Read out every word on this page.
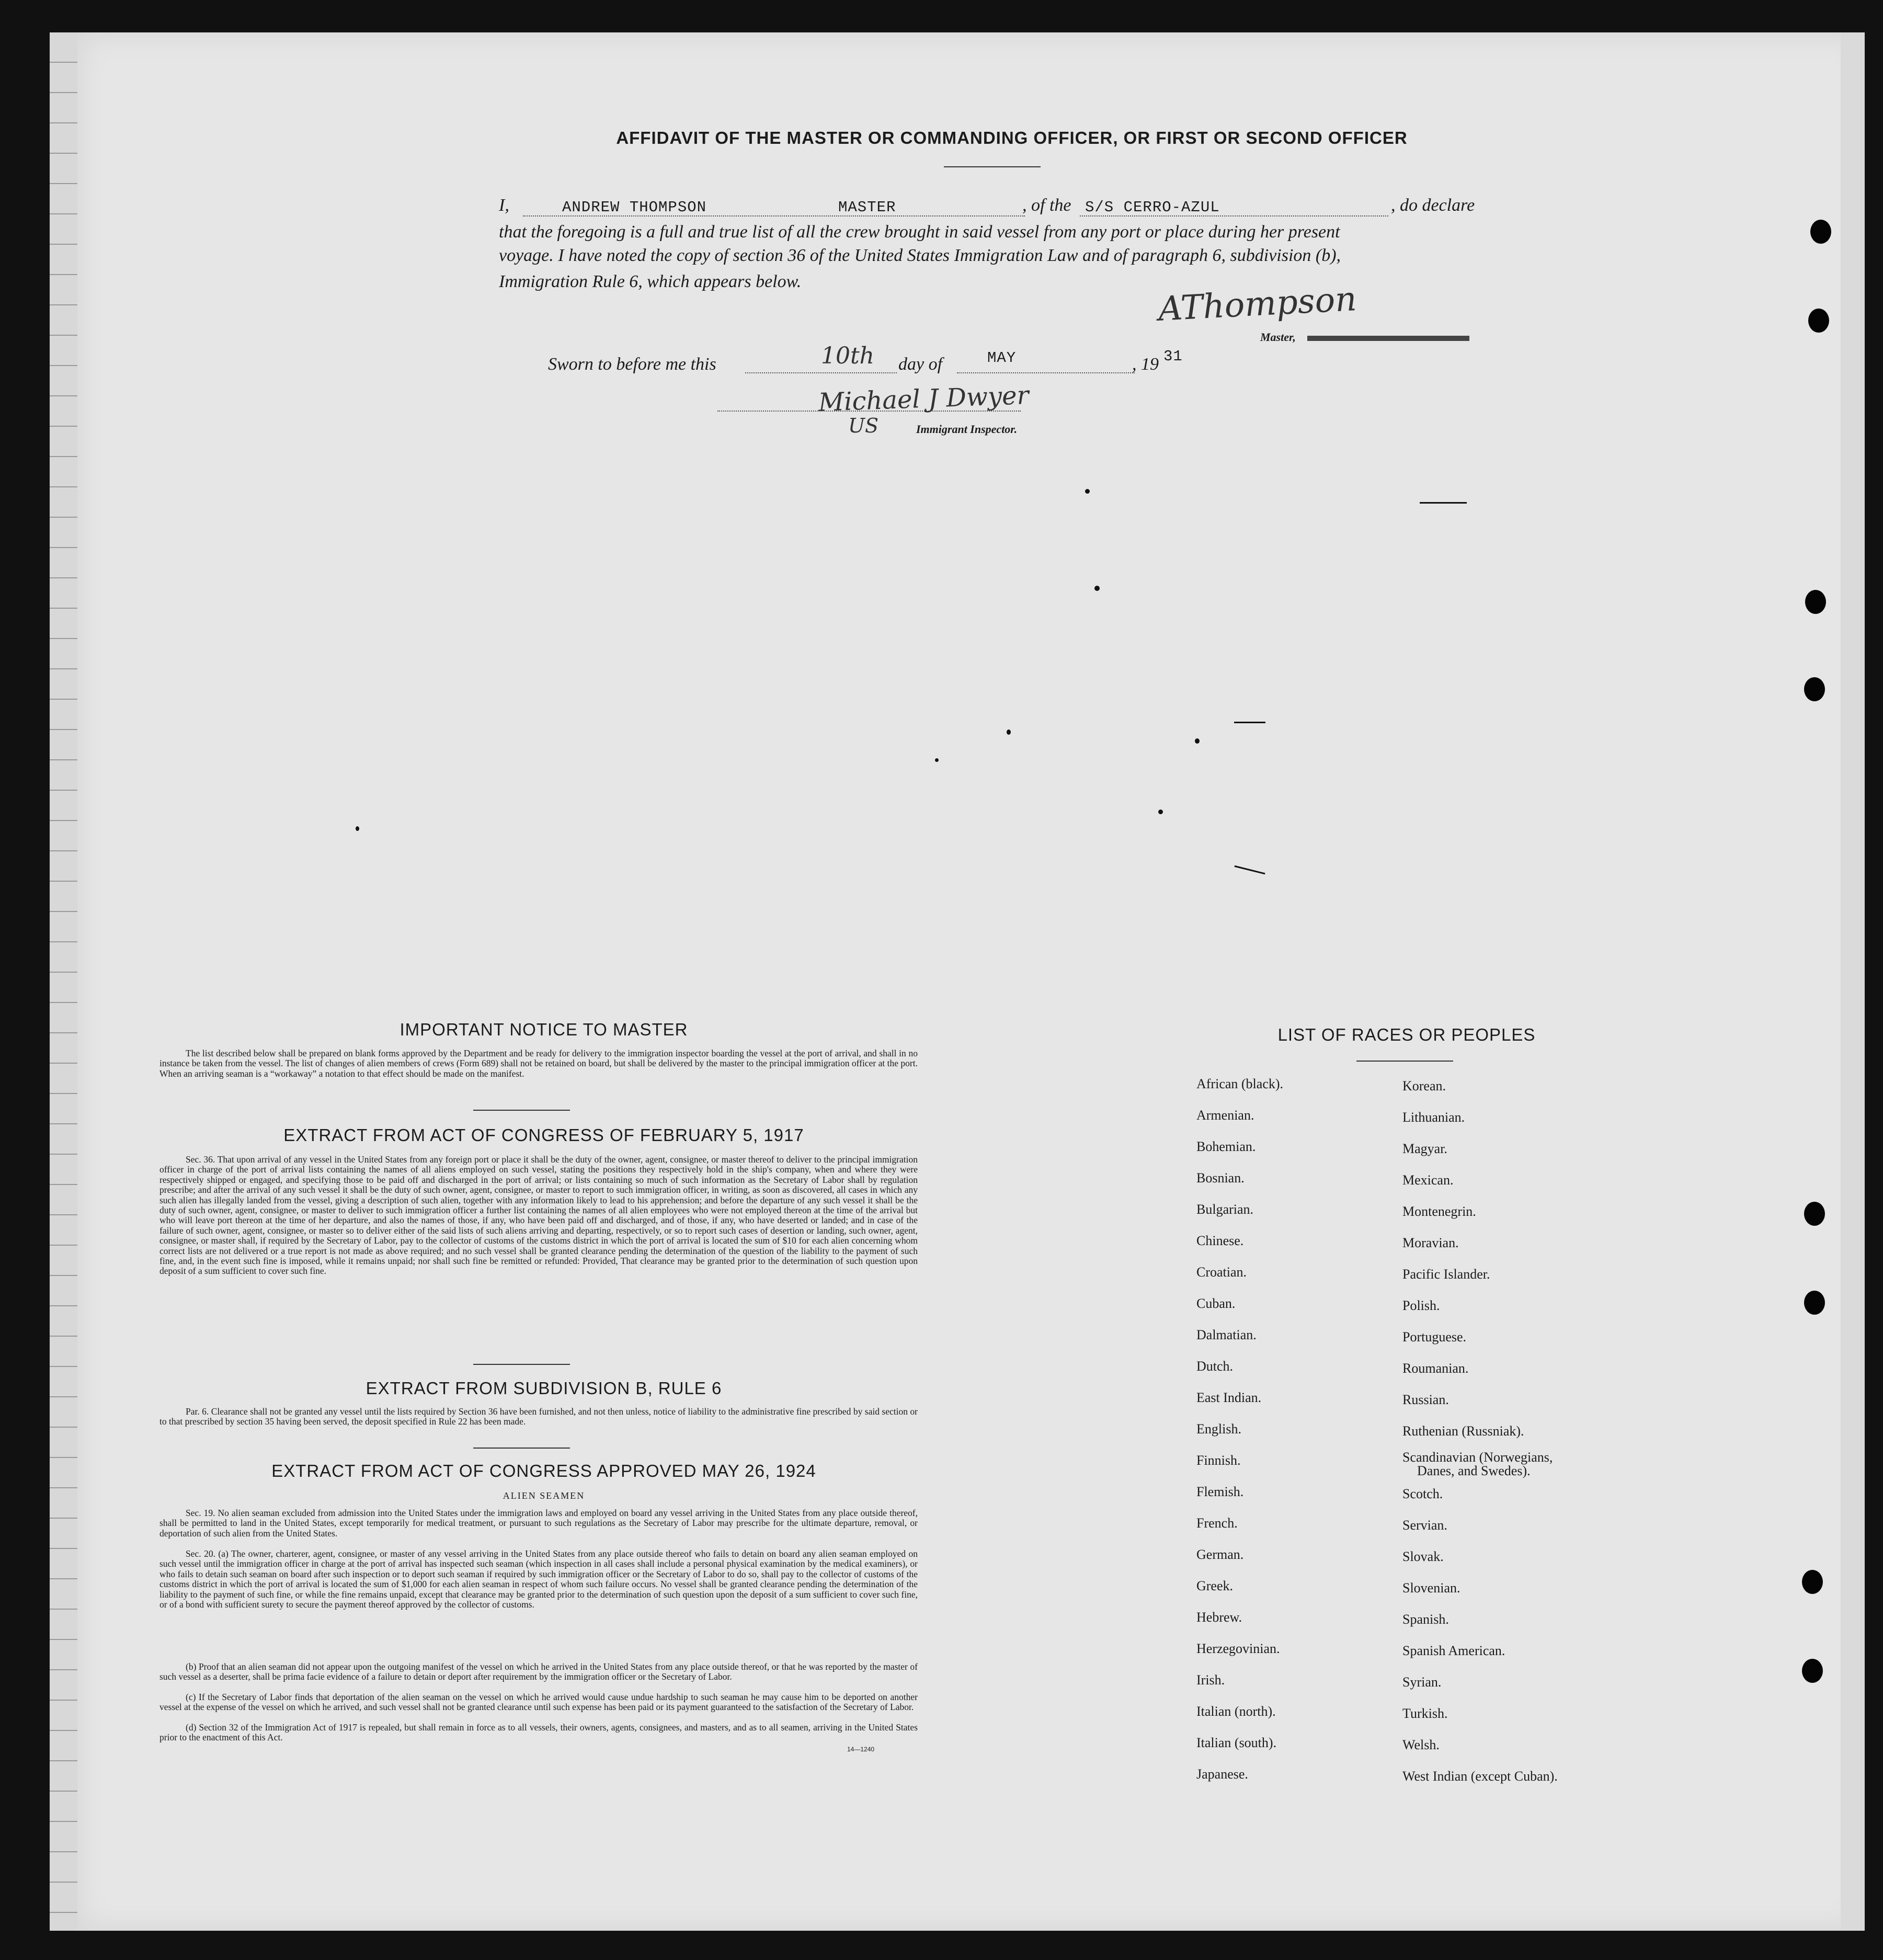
AFFIDAVIT OF THE MASTER OR COMMANDING OFFICER, OR FIRST OR SECOND OFFICER
I,	ANDREW THOMPSON	MASTER	, of the S/S CERRO-AZUL	, do declare
that the foregoing is a full and true list of all the crew brought in said vessel from any port or place during her present
voyage. I have noted the copy of section 36 of the United States Immigration Law and of paragraph 6, subdivision (b),
Immigration Rule 6, which appears below.	AThompson
Master,
Sworn to before me this	10th day of	MAY	, 19 31
Michael J Dwyer
US	Immigrant Inspector.
IMPORTANT NOTICE TO MASTER
The list described below shall be prepared on blank forms approved by the Department and be ready for delivery to the immigration inspector boarding the vessel at the port of arrival, and shall in no instance be taken from the vessel. The list of changes of alien members of crews (Form 689) shall not be retained on board, but shall be delivered by the master to the principal immigration officer at the port. When an arriving seaman is a “workaway” a notation to that effect should be made on the manifest.
EXTRACT FROM ACT OF CONGRESS OF FEBRUARY 5, 1917
Sec. 36. That upon arrival of any vessel in the United States from any foreign port or place it shall be the duty of the owner, agent, consignee, or master thereof to deliver to the principal immigration officer in charge of the port of arrival lists containing the names of all aliens employed on such vessel, stating the positions they respectively hold in the ship's company, when and where they were respectively shipped or engaged, and specifying those to be paid off and discharged in the port of arrival; or lists containing so much of such information as the Secretary of Labor shall by regulation prescribe; and after the arrival of any such vessel it shall be the duty of such owner, agent, consignee, or master to report to such immigration officer, in writing, as soon as discovered, all cases in which any such alien has illegally landed from the vessel, giving a description of such alien, together with any information likely to lead to his apprehension; and before the departure of any such vessel it shall be the duty of such owner, agent, consignee, or master to deliver to such immigration officer a further list containing the names of all alien employees who were not employed thereon at the time of the arrival but who will leave port thereon at the time of her departure, and also the names of those, if any, who have been paid off and discharged, and of those, if any, who have deserted or landed; and in case of the failure of such owner, agent, consignee, or master so to deliver either of the said lists of such aliens arriving and departing, respectively, or so to report such cases of desertion or landing, such owner, agent, consignee, or master shall, if required by the Secretary of Labor, pay to the collector of customs of the customs district in which the port of arrival is located the sum of $10 for each alien concerning whom correct lists are not delivered or a true report is not made as above required; and no such vessel shall be granted clearance pending the determination of the question of the liability to the payment of such fine, and, in the event such fine is imposed, while it remains unpaid; nor shall such fine be remitted or refunded: Provided, That clearance may be granted prior to the determination of such question upon deposit of a sum sufficient to cover such fine.
EXTRACT FROM SUBDIVISION B, RULE 6
Par. 6. Clearance shall not be granted any vessel until the lists required by Section 36 have been furnished, and not then unless, notice of liability to the administrative fine prescribed by said section or to that prescribed by section 35 having been served, the deposit specified in Rule 22 has been made.
EXTRACT FROM ACT OF CONGRESS APPROVED MAY 26, 1924
ALIEN SEAMEN
Sec. 19. No alien seaman excluded from admission into the United States under the immigration laws and employed on board any vessel arriving in the United States from any place outside thereof, shall be permitted to land in the United States, except temporarily for medical treatment, or pursuant to such regulations as the Secretary of Labor may prescribe for the ultimate departure, removal, or deportation of such alien from the United States.
Sec. 20. (a) The owner, charterer, agent, consignee, or master of any vessel arriving in the United States from any place outside thereof who fails to detain on board any alien seaman employed on such vessel until the immigration officer in charge at the port of arrival has inspected such seaman (which inspection in all cases shall include a personal physical examination by the medical examiners), or who fails to detain such seaman on board after such inspection or to deport such seaman if required by such immigration officer or the Secretary of Labor to do so, shall pay to the collector of customs of the customs district in which the port of arrival is located the sum of $1,000 for each alien seaman in respect of whom such failure occurs. No vessel shall be granted clearance pending the determination of the liability to the payment of such fine, or while the fine remains unpaid, except that clearance may be granted prior to the determination of such question upon the deposit of a sum sufficient to cover such fine, or of a bond with sufficient surety to secure the payment thereof approved by the collector of customs.
(b) Proof that an alien seaman did not appear upon the outgoing manifest of the vessel on which he arrived in the United States from any place outside thereof, or that he was reported by the master of such vessel as a deserter, shall be prima facie evidence of a failure to detain or deport after requirement by the immigration officer or the Secretary of Labor.
(c) If the Secretary of Labor finds that deportation of the alien seaman on the vessel on which he arrived would cause undue hardship to such seaman he may cause him to be deported on another vessel at the expense of the vessel on which he arrived, and such vessel shall not be granted clearance until such expense has been paid or its payment guaranteed to the satisfaction of the Secretary of Labor.
(d) Section 32 of the Immigration Act of 1917 is repealed, but shall remain in force as to all vessels, their owners, agents, consignees, and masters, and as to all seamen, arriving in the United States prior to the enactment of this Act.
14—1240
LIST OF RACES OR PEOPLES
African (black).
Armenian.
Bohemian.
Bosnian.
Bulgarian.
Chinese.
Croatian.
Cuban.
Dalmatian.
Dutch.
East Indian.
English.
Finnish.
Flemish.
French.
German.
Greek.
Hebrew.
Herzegovinian.
Irish.
Italian (north).
Italian (south).
Japanese.
Korean.
Lithuanian.
Magyar.
Mexican.
Montenegrin.
Moravian.
Pacific Islander.
Polish.
Portuguese.
Roumanian.
Russian.
Ruthenian (Russniak).
Scandinavian (Norwegians,
Danes, and Swedes).
Scotch.
Servian.
Slovak.
Slovenian.
Spanish.
Spanish American.
Syrian.
Turkish.
Welsh.
West Indian (except Cuban).
